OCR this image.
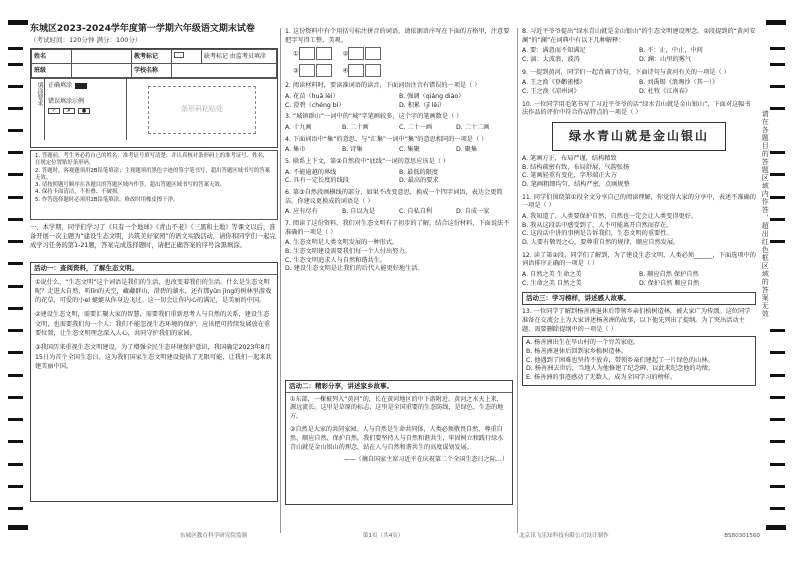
东城区2023-2024学年度第一学期六年级语文期末试卷
（考试时间：120分钟 满分：100分）
姓名		教考标记		缺考标记 由监考员填涂
班级		学校名称		
填涂要求 正确填涂
错误填涂示例
✓	✗	●	条形码粘贴处
1. 答题前，考生务必将自己的姓名、准考证号填写清楚，并认真核对条形码上的准考证号、姓名，在规定位置贴好条形码。
2. 答题时，客观题须用2B铅笔填涂；主观题须用黑色字迹的签字笔书写，超出答题区域书写的答案无效。
3. 请按照题号顺序在各题目的答题区域内作答，超出答题区域书写的答案无效。
4. 保持卡面清洁，不折叠、不破损。
5. 作答选择题时必须用2B铅笔填涂，修改时用橡皮擦干净。
一、本学期，同学们学习了《只有一个地球》《青山不老》《三黑和土地》等课文以后，准备开展一次主题为“建设生态文明，共筑美好家园”的语文实践活动，请你和同学们一起完成学习任务的第1-21题，答案完成选择题时，请把正确答案的序号涂黑填涂。
活动一：查阅资料，了解生态文明。

①说什么，“生态文明”这个词语是我们的生活，也改变着我们的生活。什么是生态文明呢？走进大自然，听lǐn的天空，藏藏群山，澄碧的湖水，还有那yǔn jìng的树林里游戏的花草，可爱的小el 蜓蜓从你身边飞过。这一切会让你内心的满足，是美丽的中国。

②建设生态文明，需要汇聚大家的智慧，需要我们重新思考人与自然的关系，建设生态文明，也需要我们每一个人：我们不能忽视生态环境的保护，应该把可持续发展放在重要位置，让生态文明理念深入人心，共同守护我们的家园。

③我国历来重视生态文明建设，为了增强全民生态环境保护意识，我国确定2023年8月15日为首个全国生态日。这为我们国家生态文明建设提供了无限可能，让我们一起来共建美丽中国。

1. 这份资料中有个用括号标注拼音的词语，请依据语序写在下面的方格里，注意要把字写得工整、美观。
①	②
③	④
2. 阅读材料时，要读准词语的读音，下面词语注音有错误的一项是（ ）
A. 花苗（huā lèi）	B. 强调（qiáng diào）
C. 澄碧（chéng bì）	D. 积累（jī lěi）
3. “城镇群山”一词中的“城”字笔画较多，这个字的笔画数是（ ）
A. 十九画	B. 二十画	C. 二十一画	D. 二十二画
4. 下面词语中“集”的意思，与“汇集”一词中“集”的意思相同的一项是（ ）
A. 集市	B. 诗集	C. 集聚	D. 聚集
5. 联系上下文，第②自然段中“底线”一词的意思应该是（ ）
A. 不能逾越的界线	B. 最低的限度
C. 具有一定长度的线段	D. 最高的要求
6. 第③自然段画横线的部分，如果不改变意思，换成一个四字词语，表达会更简洁。你建议更换成的词语是（ ）
A. 应有尽有	B. 自以为是	C. 自私自利	D. 自成一家
7. 阅读了这份资料，我们对生态文明有了初步的了解，结合这份材料，下面说法不准确的一项是（ ）
A. 生态文明是人类文明发展的一种形式。
B. 生态文明建设需要我们每一个人付出努力。
C. 生态文明追求人与自然和谐共生。
D. 建设生态文明是让我们的后代人能更好地生活。
活动二：精彩分享，讲述家乡故事。

①东部，一棵被列入“黄河”的，长在黄河地区的中下游附近。黄河之水天上来，源远流长。这里是草原的标志，这里是全国重要的生态防线，是绿色、生态的地方。

②自然是大家的共同家园。人与自然是生命共同体，人类必须敬畏自然、尊重自然、顺应自然、保护自然。我们要坚持人与自然和谐共生，牢固树立和践行绿水青山就是金山银山的理念，站在人与自然和谐共生的高度谋划发展。

——（摘自国家主席习近平在庆祝第二个全国生态日之际…）

8. 习近平爷爷提出“绿水青山就是金山银山”的生态文明建设理念。②段提到的“黄河安澜”的“澜”在词典中有以下几种解释：
A. 要：满意而不知满足	B. 不：止，中止，中间
C. 漓：大波浪，波涛	D. 澜：山里的雾气
9. 一提到黄河，同学们一起背诵了诗句，下面诗句与黄河有关的一项是（ ）
A. 王之涣《登鹳雀楼》	B. 刘禹锡《浪淘沙（其一）》
C. 王之涣《凉州词》	D. 杜牧《江南春》
10. 一位同学用毛笔书写了习近平爷爷的话“绿水青山就是金山银山”，下面对这幅书法作品的评价中符合作品特点的一项是（ ）
绿水青山就是金山银山
A. 笔画方正，布局严谨，结构精致
B. 结构疏密有致，布局舒展，气韵张扬
C. 笔画轻重有变化，字形端正大方
D. 笔画粗细均匀，结构严密，点画规整
11. 同学们围绕第①段全文分享自己的阅读理解，你觉得大家的分享中，表述不准确的一项是（ ）
A. 我知道了，人类要保护自然，自然也一定会让人类变得更好。
B. 我从这段话中感受到了，人不可能离开自然而存在。
C. 这段话中讲的事例是告诉我们，生态文明的重要性。
D. 人要有敬畏之心，要尊重自然的规律，顺应自然发展。
12. 读了第②段，同学们了解到，为了建设生态文明，人类必须______，下面选项中的词语排序正确的一项是（ ）
A. 自然之美 生命之美	B. 顺应自然 保护自然
C. 生命之美 自然之美	D. 保护自然 顺应自然
活动三：学习榜样，讲述感人故事。
13. 一位同学了解到杨善洲退休后带领乡亲们植树造林，被大家广为传颂。这位同学准备在交流会上为大家讲述杨善洲的故事，以下他先列出了提纲。为了突出活动主题，需要删除提纲中的一项是（ ）
A. 杨善洲出生在旱山村的一个穷苦家庭。
B. 杨善洲退休后回到家乡植树造林。
C. 他遇到了困难也坚持不放弃，带领乡亲们建起了一片绿色的山林。
D. 杨善洲去世后，当地人为他修建了纪念碑，以此来纪念他的功绩。
E. 杨善洲的事迹感动了无数人，成为全国学习的榜样。
请在各题目的答题区域内作答，超出红色框区域的答案无效
东城区教育科学研究院监制	第1页（共4页）	北京讯飞乐知科技有限公司设计制作	BS80301560
